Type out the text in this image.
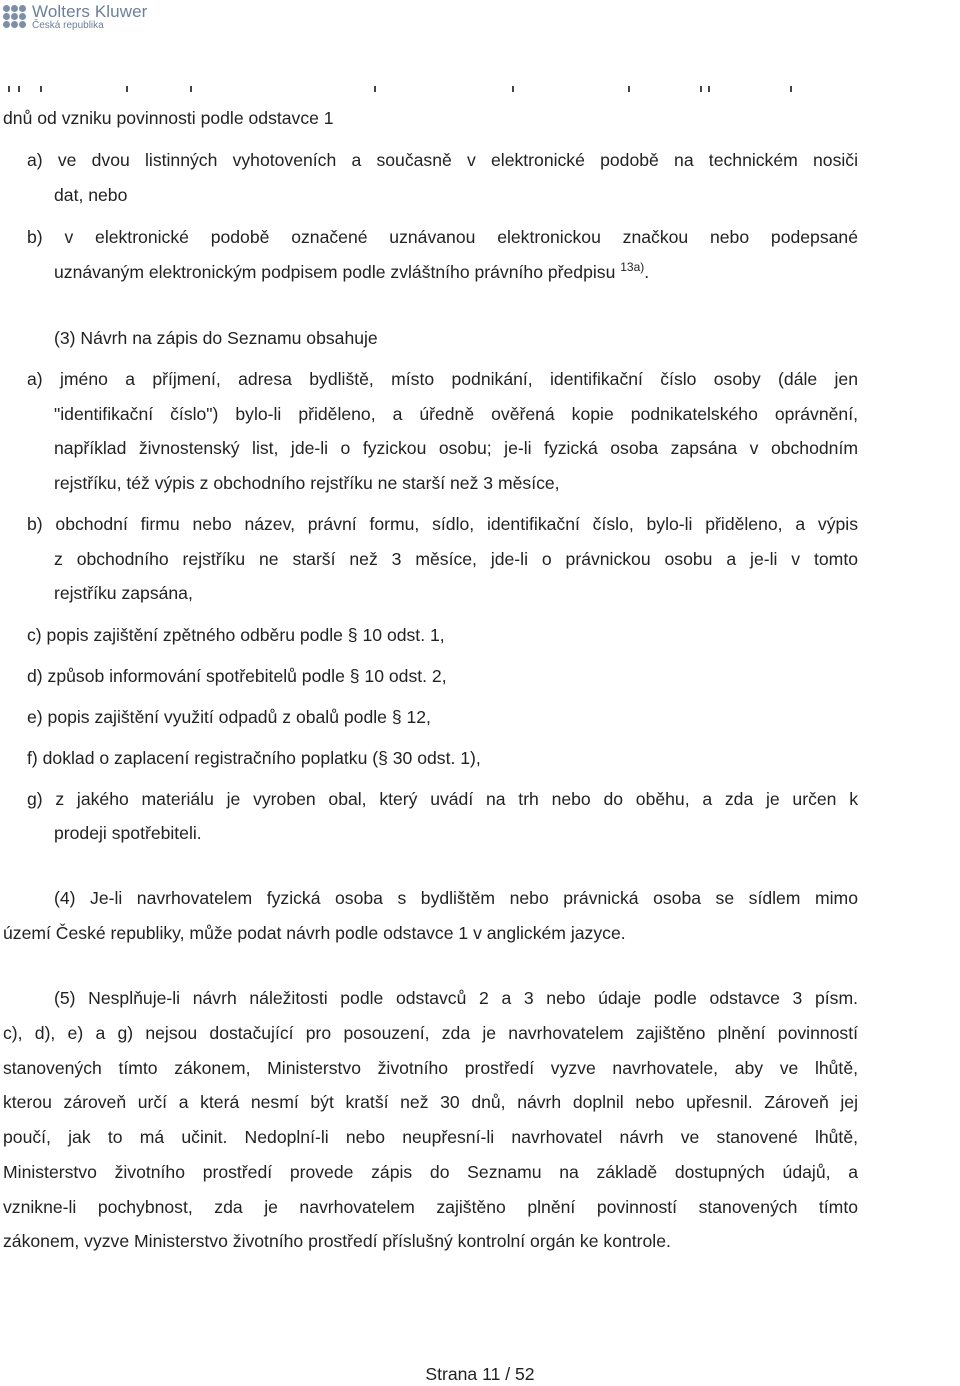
Wolters Kluwer
Česká republika
dnů od vzniku povinnosti podle odstavce 1
a) ve dvou listinných vyhotoveních a současně v elektronické podobě na technickém nosiči
dat, nebo
b) v elektronické podobě označené uznávanou elektronickou značkou nebo podepsané
uznávaným elektronickým podpisem podle zvláštního právního předpisu $^{13a)}$.
(3) Návrh na zápis do Seznamu obsahuje
a) jméno a příjmení, adresa bydliště, místo podnikání, identifikační číslo osoby (dále jen
"identifikační číslo") bylo-li přiděleno, a úředně ověřená kopie podnikatelského oprávnění,
například živnostenský list, jde-li o fyzickou osobu; je-li fyzická osoba zapsána v obchodním
rejstříku, též výpis z obchodního rejstříku ne starší než 3 měsíce,
b) obchodní firmu nebo název, právní formu, sídlo, identifikační číslo, bylo-li přiděleno, a výpis
z obchodního rejstříku ne starší než 3 měsíce, jde-li o právnickou osobu a je-li v tomto
rejstříku zapsána,
c) popis zajištění zpětného odběru podle § 10 odst. 1,
d) způsob informování spotřebitelů podle § 10 odst. 2,
e) popis zajištění využití odpadů z obalů podle § 12,
f) doklad o zaplacení registračního poplatku (§ 30 odst. 1),
g) z jakého materiálu je vyroben obal, který uvádí na trh nebo do oběhu, a zda je určen k
prodeji spotřebiteli.
(4) Je-li navrhovatelem fyzická osoba s bydlištěm nebo právnická osoba se sídlem mimo
území České republiky, může podat návrh podle odstavce 1 v anglickém jazyce.
(5) Nesplňuje-li návrh náležitosti podle odstavců 2 a 3 nebo údaje podle odstavce 3 písm.
c), d), e) a g) nejsou dostačující pro posouzení, zda je navrhovatelem zajištěno plnění povinností
stanovených tímto zákonem, Ministerstvo životního prostředí vyzve navrhovatele, aby ve lhůtě,
kterou zároveň určí a která nesmí být kratší než 30 dnů, návrh doplnil nebo upřesnil. Zároveň jej
poučí, jak to má učinit. Nedoplní-li nebo neupřesní-li navrhovatel návrh ve stanovené lhůtě,
Ministerstvo životního prostředí provede zápis do Seznamu na základě dostupných údajů, a
vznikne-li pochybnost, zda je navrhovatelem zajištěno plnění povinností stanovených tímto
zákonem, vyzve Ministerstvo životního prostředí příslušný kontrolní orgán ke kontrole.
Strana 11 / 52
